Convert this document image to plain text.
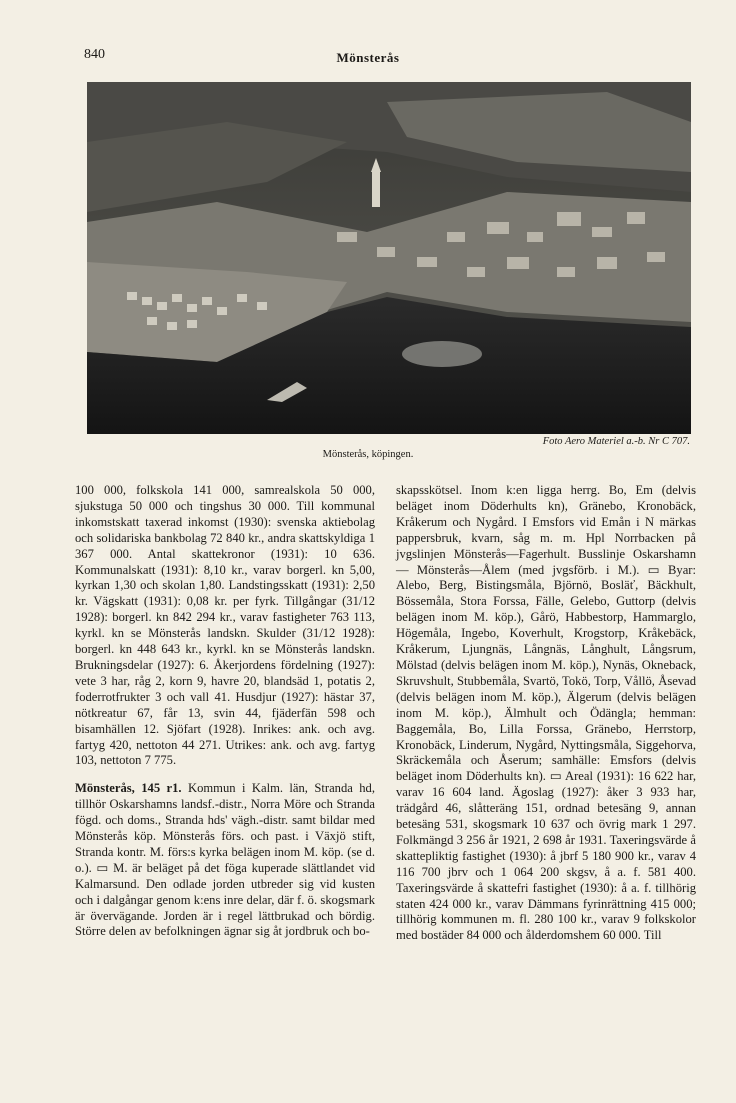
840	Mönsterås
Foto Aero Materiel a.-b. Nr C 707.
Mönsterås, köpingen.

100 000, folkskola 141 000, samrealskola 50 000, sjukstuga 50 000 och tingshus 30 000. Till kommunal inkomstskatt taxerad inkomst (1930): svenska aktiebolag och solidariska bankbolag 72 840 kr., andra skattskyldiga 1 367 000. Antal skattekronor (1931): 10 636. Kommunalskatt (1931): 8,10 kr., varav borgerl. kn 5,00, kyrkan 1,30 och skolan 1,80. Landstingsskatt (1931): 2,50 kr. Vägskatt (1931): 0,08 kr. per fyrk. Tillgångar (31/12 1928): borgerl. kn 842 294 kr., varav fastigheter 763 113, kyrkl. kn se Mönsterås landskn. Skulder (31/12 1928): borgerl. kn 448 643 kr., kyrkl. kn se Mönsterås landskn. Brukningsdelar (1927): 6. Åkerjordens fördelning (1927): vete 3 har, råg 2, korn 9, havre 20, blandsäd 1, potatis 2, foderrotfrukter 3 och vall 41. Husdjur (1927): hästar 37, nötkreatur 67, får 13, svin 44, fjäderfän 598 och bisamhällen 12. Sjöfart (1928). Inrikes: ank. och avg. fartyg 420, nettoton 44 271. Utrikes: ank. och avg. fartyg 103, nettoton 7 775.

Mönsterås, 145 r1. Kommun i Kalm. län, Stranda hd, tillhör Oskarshamns landsf.-distr., Norra Möre och Stranda fögd. och doms., Stranda hds' vägh.-distr. samt bildar med Mönsterås köp. Mönsterås förs. och past. i Växjö stift, Stranda kontr. M. förs:s kyrka belägen inom M. köp. (se d. o.). ▭ M. är beläget på det föga kuperade slättlandet vid Kalmarsund. Den odlade jorden utbreder sig vid kusten och i dalgångar genom k:ens inre delar, där f. ö. skogsmark är övervägande. Jorden är i regel lättbrukad och bördig. Större delen av befolkningen ägnar sig åt jordbruk och bo-

skapsskötsel. Inom k:en ligga herrg. Bo, Em (delvis beläget inom Döderhults kn), Gränebo, Kronobäck, Kråkerum och Nygård. I Emsfors vid Emån i N märkas pappersbruk, kvarn, såg m. m. Hpl Norrbacken på jvgslinjen Mönsterås—Fagerhult. Busslinje Oskarshamn — Mönsterås—Ålem (med jvgsförb. i M.). ▭ Byar: Alebo, Berg, Bistingsmåla, Björnö, Bosläť, Bäckhult, Bössemåla, Stora Forssa, Fälle, Gelebo, Guttorp (delvis belägen inom M. köp.), Gårö, Habbestorp, Hammarglo, Högemåla, Ingebo, Koverhult, Krogstorp, Kråkebäck, Kråkerum, Ljungnäs, Långnäs, Långhult, Långsrum, Mölstad (delvis belägen inom M. köp.), Nynäs, Okneback, Skruvshult, Stubbemåla, Svartö, Tokö, Torp, Vållö, Åsevad (delvis belägen inom M. köp.), Älgerum (delvis belägen inom M. köp.), Älmhult och Ödängla; hemman: Baggemåla, Bo, Lilla Forssa, Gränebo, Herrstorp, Kronobäck, Linderum, Nygård, Nyttingsmåla, Siggehorva, Skräckemåla och Åserum; samhälle: Emsfors (delvis beläget inom Döderhults kn). ▭ Areal (1931): 16 622 har, varav 16 604 land. Ägoslag (1927): åker 3 933 har, trädgård 46, slåtteräng 151, ordnad betesäng 9, annan betesäng 531, skogsmark 10 637 och övrig mark 1 297. Folkmängd 3 256 år 1921, 2 698 år 1931. Taxeringsvärde å skattepliktig fastighet (1930): å jbrf 5 180 900 kr., varav 4 116 700 jbrv och 1 064 200 skgsv, å a. f. 581 400. Taxeringsvärde å skattefri fastighet (1930): å a. f. tillhörig staten 424 000 kr., varav Dämmans fyrinrättning 415 000; tillhörig kommunen m. fl. 280 100 kr., varav 9 folkskolor med bostäder 84 000 och ålderdomshem 60 000. Till
